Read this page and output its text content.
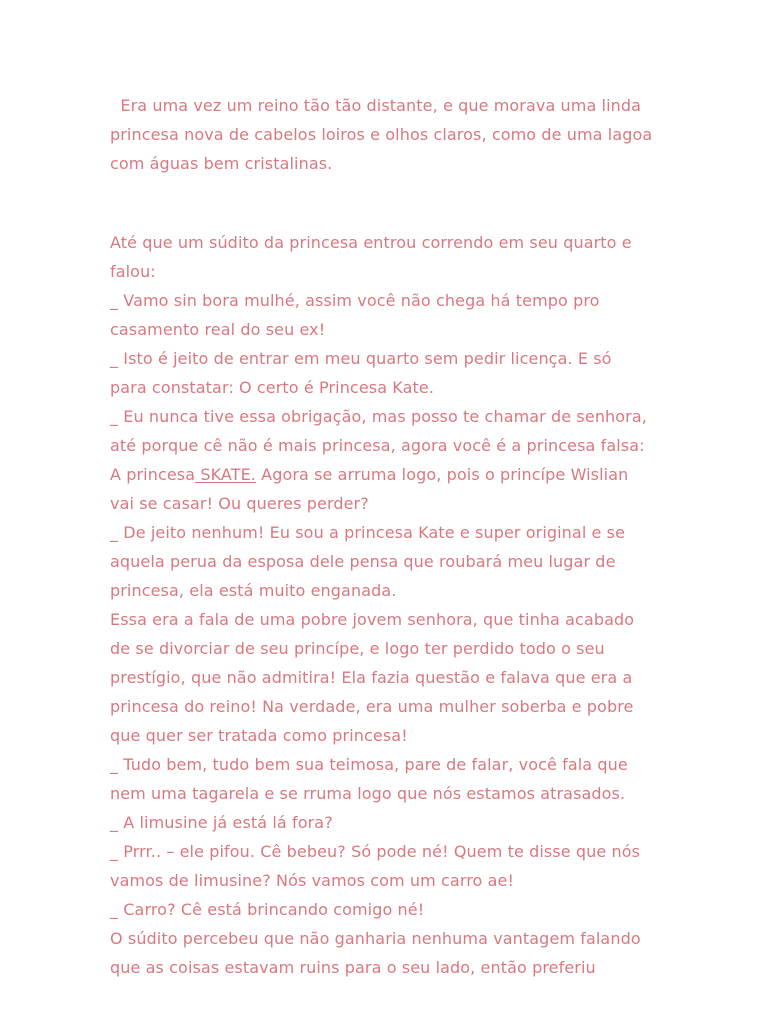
Era uma vez um reino tão tão distante, e que morava uma linda
princesa nova de cabelos loiros e olhos claros, como de uma lagoa
com águas bem cristalinas.
Até que um súdito da princesa entrou correndo em seu quarto e
falou:
_ Vamo sin bora mulhé, assim você não chega há tempo pro
casamento real do seu ex!
_ Isto é jeito de entrar em meu quarto sem pedir licença. E só
para constatar: O certo é Princesa Kate.
_ Eu nunca tive essa obrigação, mas posso te chamar de senhora,
até porque cê não é mais princesa, agora você é a princesa falsa:
A princesa SKATE. Agora se arruma logo, pois o princípe Wislian
vai se casar! Ou queres perder?
_ De jeito nenhum! Eu sou a princesa Kate e super original e se
aquela perua da esposa dele pensa que roubará meu lugar de
princesa, ela está muito enganada.
Essa era a fala de uma pobre jovem senhora, que tinha acabado
de se divorciar de seu princípe, e logo ter perdido todo o seu
prestígio, que não admitira! Ela fazia questão e falava que era a
princesa do reino! Na verdade, era uma mulher soberba e pobre
que quer ser tratada como princesa!
_ Tudo bem, tudo bem sua teimosa, pare de falar, você fala que
nem uma tagarela e se rruma logo que nós estamos atrasados.
_ A limusine já está lá fora?
_ Prrr.. – ele pifou. Cê bebeu? Só pode né! Quem te disse que nós
vamos de limusine? Nós vamos com um carro ae!
_ Carro? Cê está brincando comigo né!
O súdito percebeu que não ganharia nenhuma vantagem falando
que as coisas estavam ruins para o seu lado, então preferiu
